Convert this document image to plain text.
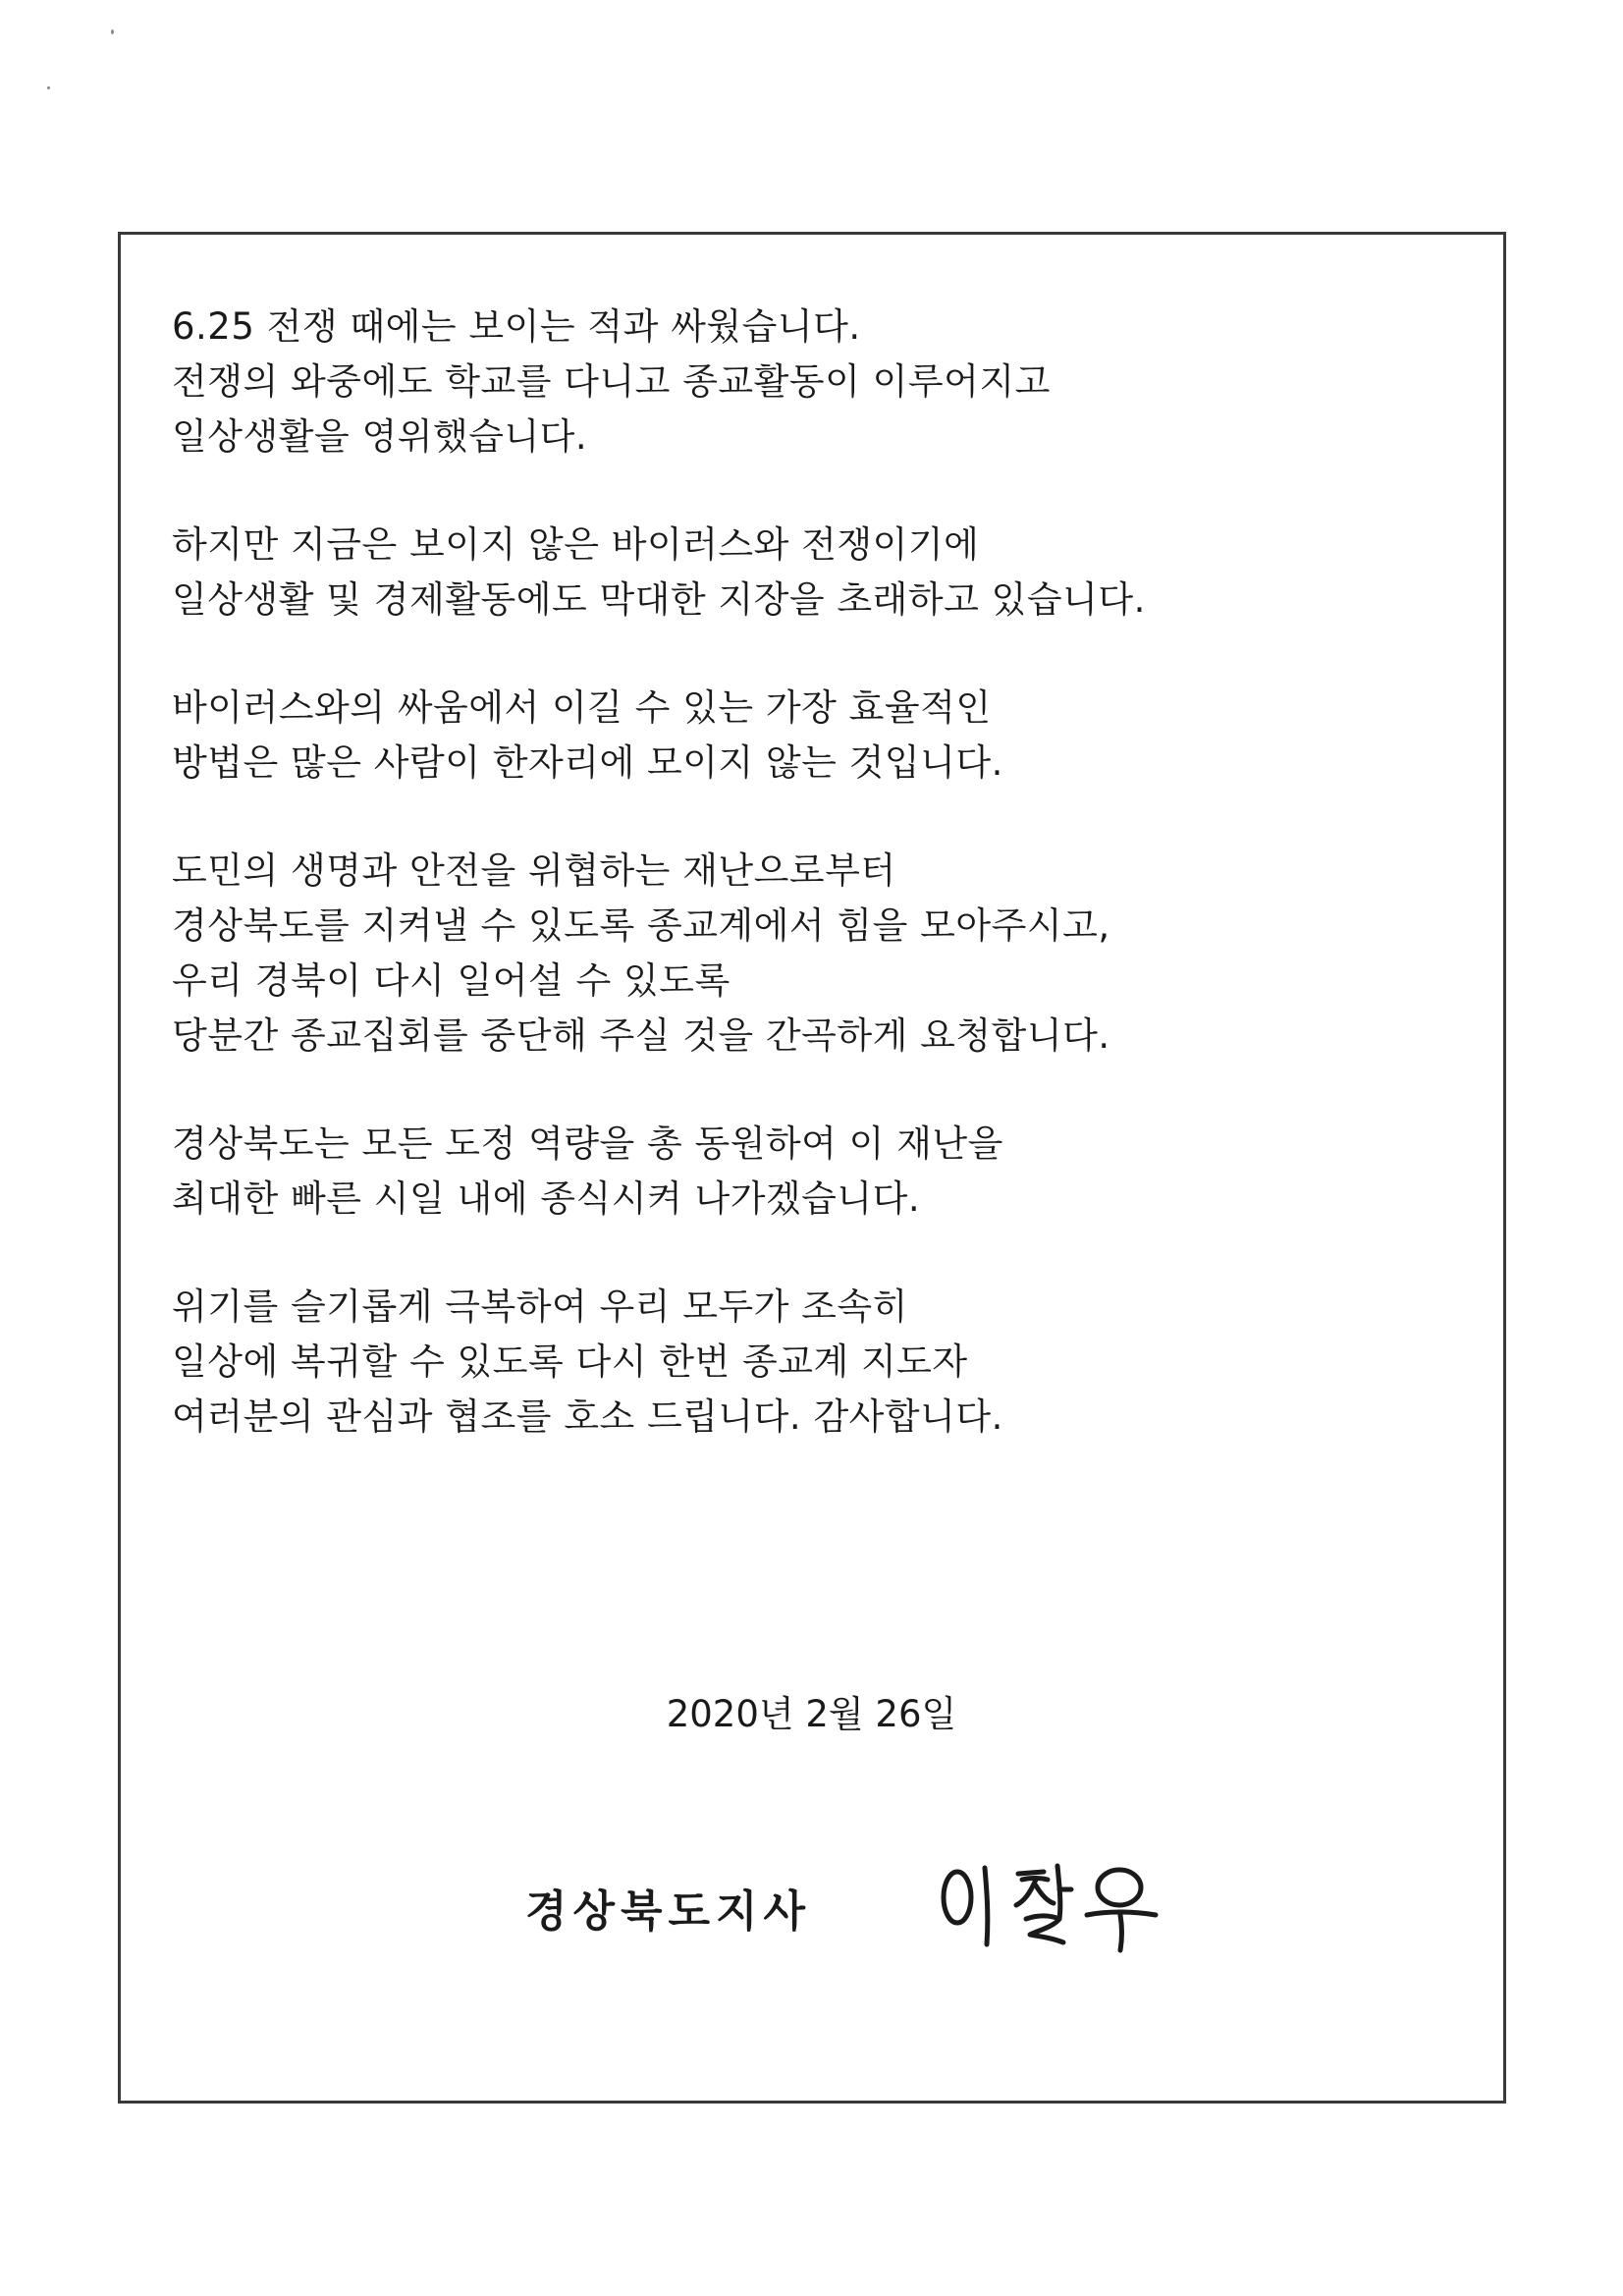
6.25 전쟁 때에는 보이는 적과 싸웠습니다.
전쟁의 와중에도 학교를 다니고 종교활동이 이루어지고
일상생활을 영위했습니다.
하지만 지금은 보이지 않은 바이러스와 전쟁이기에
일상생활 및 경제활동에도 막대한 지장을 초래하고 있습니다.
바이러스와의 싸움에서 이길 수 있는 가장 효율적인
방법은 많은 사람이 한자리에 모이지 않는 것입니다.
도민의 생명과 안전을 위협하는 재난으로부터
경상북도를 지켜낼 수 있도록 종교계에서 힘을 모아주시고,
우리 경북이 다시 일어설 수 있도록
당분간 종교집회를 중단해 주실 것을 간곡하게 요청합니다.
경상북도는 모든 도정 역량을 총 동원하여 이 재난을
최대한 빠른 시일 내에 종식시켜 나가겠습니다.
위기를 슬기롭게 극복하여 우리 모두가 조속히
일상에 복귀할 수 있도록 다시 한번 종교계 지도자
여러분의 관심과 협조를 호소 드립니다. 감사합니다.
2020년 2월 26일
경상북도지사
